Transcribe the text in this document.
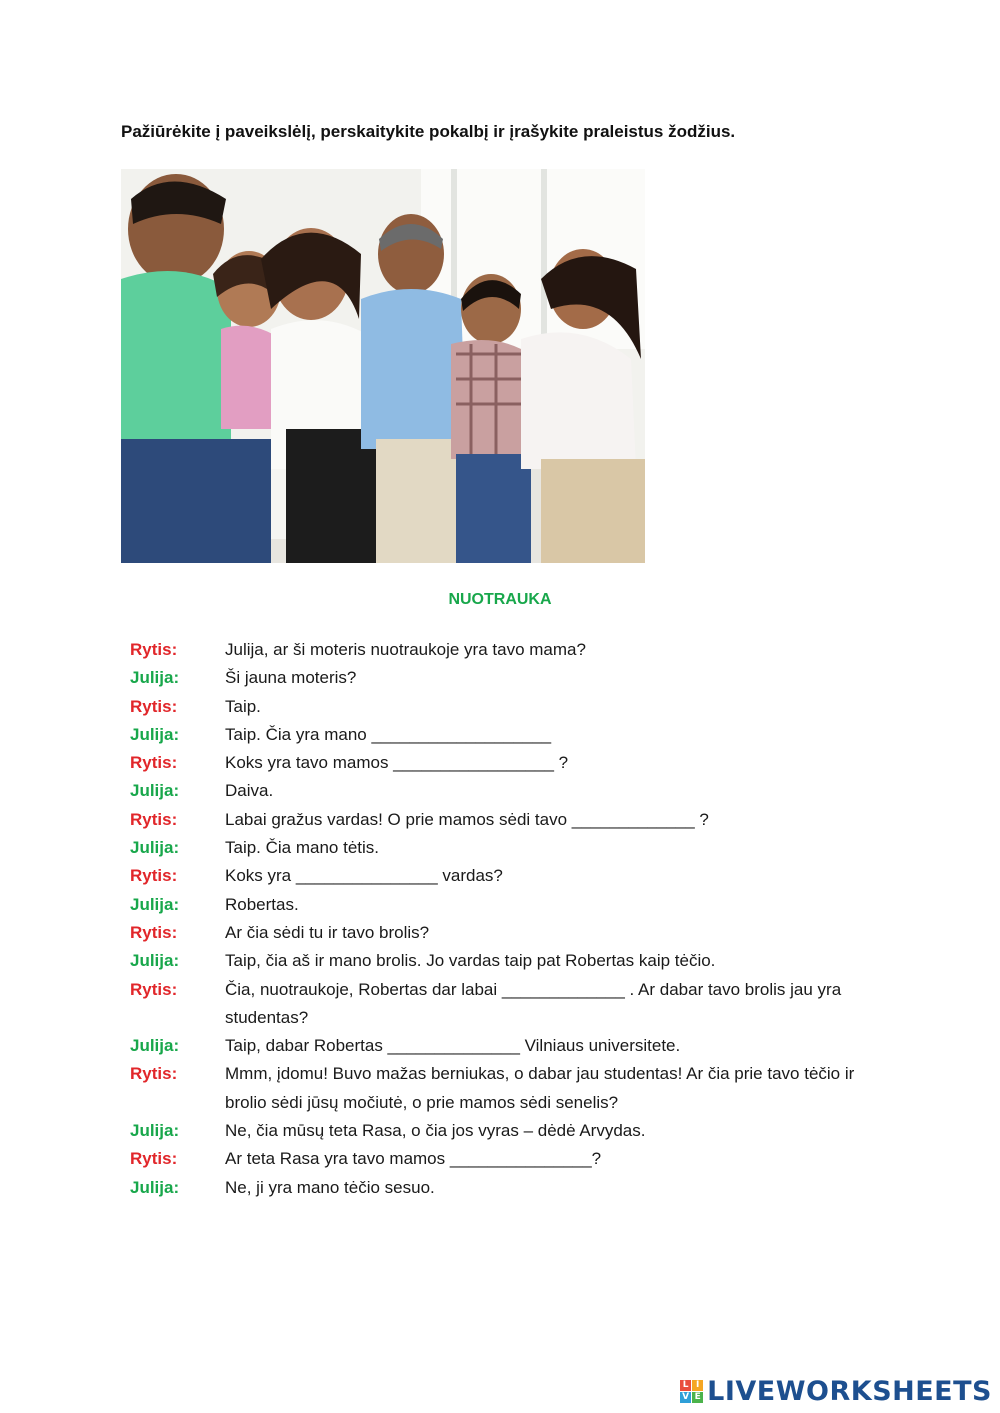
Pažiūrėkite į paveikslėlį, perskaitykite pokalbį ir įrašykite praleistus žodžius.
NUOTRAUKA
Rytis:	Julija, ar ši moteris nuotraukoje yra tavo mama?
Julija:	Ši jauna moteris?
Rytis:	Taip.
Julija:	Taip. Čia yra mano ___________________
Rytis:	Koks yra tavo mamos _________________ ?
Julija:	Daiva.
Rytis:	Labai gražus vardas! O prie mamos sėdi tavo _____________ ?
Julija:	Taip. Čia mano tėtis.
Rytis:	Koks yra _______________ vardas?
Julija:	Robertas.
Rytis:	Ar čia sėdi tu ir tavo brolis?
Julija:	Taip, čia aš ir mano brolis. Jo vardas taip pat Robertas kaip tėčio.
Rytis:	Čia, nuotraukoje, Robertas dar labai _____________ . Ar dabar tavo brolis jau yra studentas?
Julija:	Taip, dabar Robertas ______________ Vilniaus universitete.
Rytis:	Mmm, įdomu! Buvo mažas berniukas, o dabar jau studentas! Ar čia prie tavo tėčio ir brolio sėdi jūsų močiutė, o prie mamos sėdi senelis?
Julija:	Ne, čia mūsų teta Rasa, o čia jos vyras – dėdė Arvydas.
Rytis:	Ar teta Rasa yra tavo mamos _______________?
Julija:	Ne, ji yra mano tėčio sesuo.
L I
V E LIVEWORKSHEETS
